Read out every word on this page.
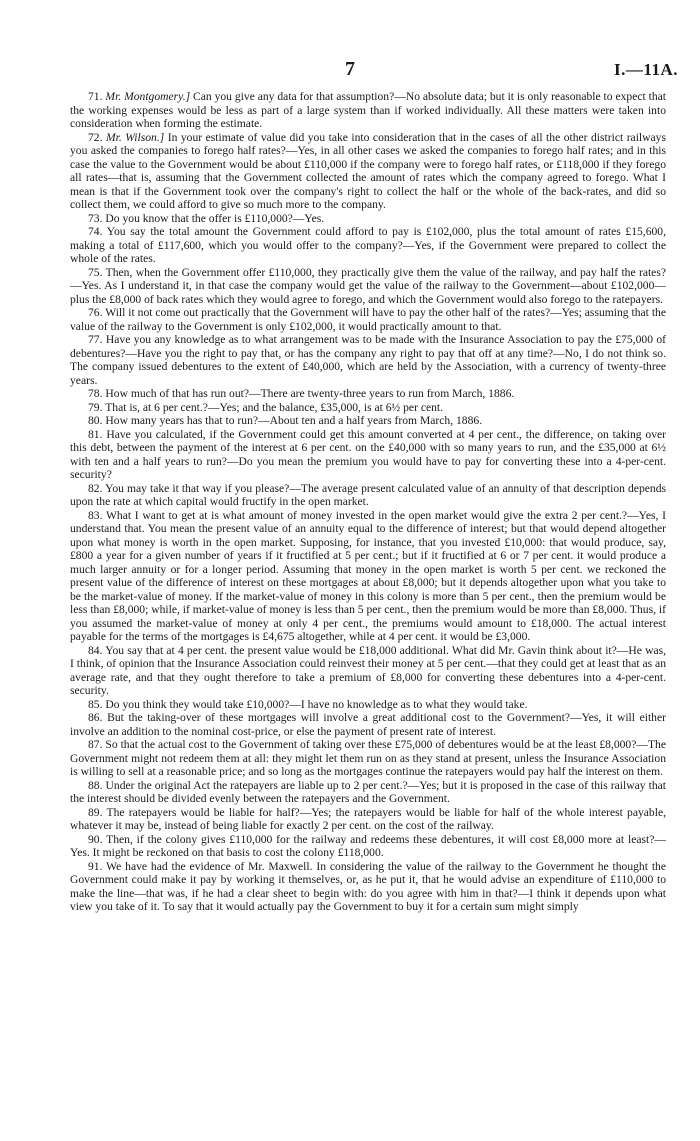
7	I.—11A.

71. Mr. Montgomery.] Can you give any data for that assumption?—No absolute data; but it is only reasonable to expect that the working expenses would be less as part of a large system than if worked individually. All these matters were taken into consideration when forming the estimate.

72. Mr. Wilson.] In your estimate of value did you take into consideration that in the cases of all the other district railways you asked the companies to forego half rates?—Yes, in all other cases we asked the companies to forego half rates; and in this case the value to the Government would be about £110,000 if the company were to forego half rates, or £118,000 if they forego all rates—that is, assuming that the Government collected the amount of rates which the company agreed to forego. What I mean is that if the Government took over the company's right to collect the half or the whole of the back-rates, and did so collect them, we could afford to give so much more to the company.

73. Do you know that the offer is £110,000?—Yes.

74. You say the total amount the Government could afford to pay is £102,000, plus the total amount of rates £15,600, making a total of £117,600, which you would offer to the company?—Yes, if the Government were prepared to collect the whole of the rates.

75. Then, when the Government offer £110,000, they practically give them the value of the railway, and pay half the rates?—Yes. As I understand it, in that case the company would get the value of the railway to the Government—about £102,000—plus the £8,000 of back rates which they would agree to forego, and which the Government would also forego to the ratepayers.

76. Will it not come out practically that the Government will have to pay the other half of the rates?—Yes; assuming that the value of the railway to the Government is only £102,000, it would practically amount to that.

77. Have you any knowledge as to what arrangement was to be made with the Insurance Association to pay the £75,000 of debentures?—Have you the right to pay that, or has the company any right to pay that off at any time?—No, I do not think so. The company issued debentures to the extent of £40,000, which are held by the Association, with a currency of twenty-three years.

78. How much of that has run out?—There are twenty-three years to run from March, 1886.

79. That is, at 6 per cent.?—Yes; and the balance, £35,000, is at 6½ per cent.

80. How many years has that to run?—About ten and a half years from March, 1886.

81. Have you calculated, if the Government could get this amount converted at 4 per cent., the difference, on taking over this debt, between the payment of the interest at 6 per cent. on the £40,000 with so many years to run, and the £35,000 at 6½ with ten and a half years to run?—Do you mean the premium you would have to pay for converting these into a 4-per-cent. security?

82. You may take it that way if you please?—The average present calculated value of an annuity of that description depends upon the rate at which capital would fructify in the open market.

83. What I want to get at is what amount of money invested in the open market would give the extra 2 per cent.?—Yes, I understand that. You mean the present value of an annuity equal to the difference of interest; but that would depend altogether upon what money is worth in the open market. Supposing, for instance, that you invested £10,000: that would produce, say, £800 a year for a given number of years if it fructified at 5 per cent.; but if it fructified at 6 or 7 per cent. it would produce a much larger annuity or for a longer period. Assuming that money in the open market is worth 5 per cent. we reckoned the present value of the difference of interest on these mortgages at about £8,000; but it depends altogether upon what you take to be the market-value of money. If the market-value of money in this colony is more than 5 per cent., then the premium would be less than £8,000; while, if market-value of money is less than 5 per cent., then the premium would be more than £8,000. Thus, if you assumed the market-value of money at only 4 per cent., the premiums would amount to £18,000. The actual interest payable for the terms of the mortgages is £4,675 altogether, while at 4 per cent. it would be £3,000.

84. You say that at 4 per cent. the present value would be £18,000 additional. What did Mr. Gavin think about it?—He was, I think, of opinion that the Insurance Association could reinvest their money at 5 per cent.—that they could get at least that as an average rate, and that they ought therefore to take a premium of £8,000 for converting these debentures into a 4-per-cent. security.

85. Do you think they would take £10,000?—I have no knowledge as to what they would take.

86. But the taking-over of these mortgages will involve a great additional cost to the Government?—Yes, it will either involve an addition to the nominal cost-price, or else the payment of present rate of interest.

87. So that the actual cost to the Government of taking over these £75,000 of debentures would be at the least £8,000?—The Government might not redeem them at all: they might let them run on as they stand at present, unless the Insurance Association is willing to sell at a reasonable price; and so long as the mortgages continue the ratepayers would pay half the interest on them.

88. Under the original Act the ratepayers are liable up to 2 per cent.?—Yes; but it is proposed in the case of this railway that the interest should be divided evenly between the ratepayers and the Government.

89. The ratepayers would be liable for half?—Yes; the ratepayers would be liable for half of the whole interest payable, whatever it may be, instead of being liable for exactly 2 per cent. on the cost of the railway.

90. Then, if the colony gives £110,000 for the railway and redeems these debentures, it will cost £8,000 more at least?—Yes. It might be reckoned on that basis to cost the colony £118,000.

91. We have had the evidence of Mr. Maxwell. In considering the value of the railway to the Government he thought the Government could make it pay by working it themselves, or, as he put it, that he would advise an expenditure of £110,000 to make the line—that was, if he had a clear sheet to begin with: do you agree with him in that?—I think it depends upon what view you take of it. To say that it would actually pay the Government to buy it for a certain sum might simply
